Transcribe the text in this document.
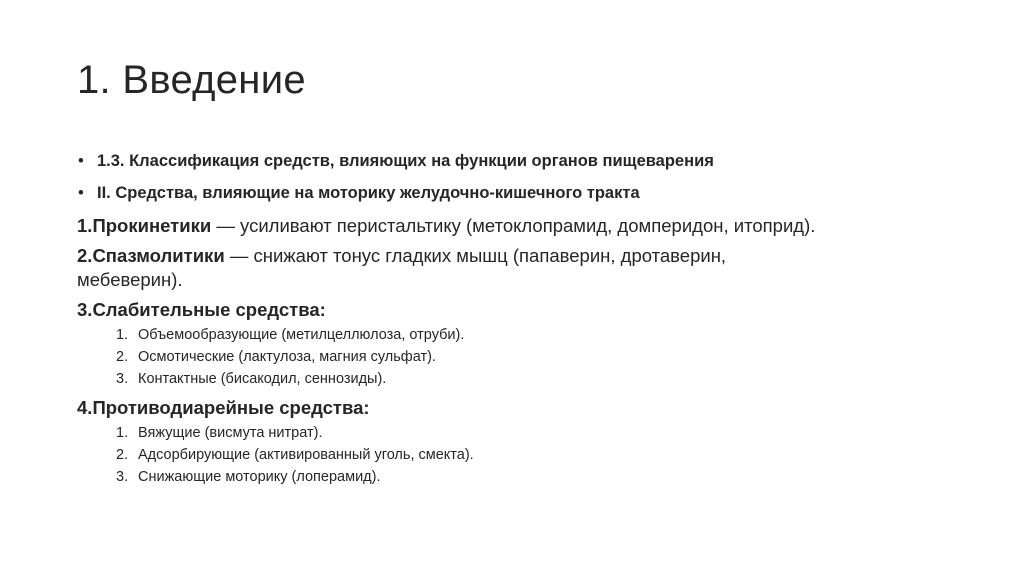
1. Введение
• 1.3. Классификация средств, влияющих на функции органов пищеварения
• II. Средства, влияющие на моторику желудочно-кишечного тракта
1.Прокинетики — усиливают перистальтику (метоклопрамид, домперидон, итоприд).
2.Спазмолитики — снижают тонус гладких мышц (папаверин, дротаверин,
мебеверин).
3.Слабительные средства:
1. Объемообразующие (метилцеллюлоза, отруби).
2. Осмотические (лактулоза, магния сульфат).
3. Контактные (бисакодил, сеннозиды).
4.Противодиарейные средства:
1. Вяжущие (висмута нитрат).
2. Адсорбирующие (активированный уголь, смекта).
3. Снижающие моторику (лоперамид).
